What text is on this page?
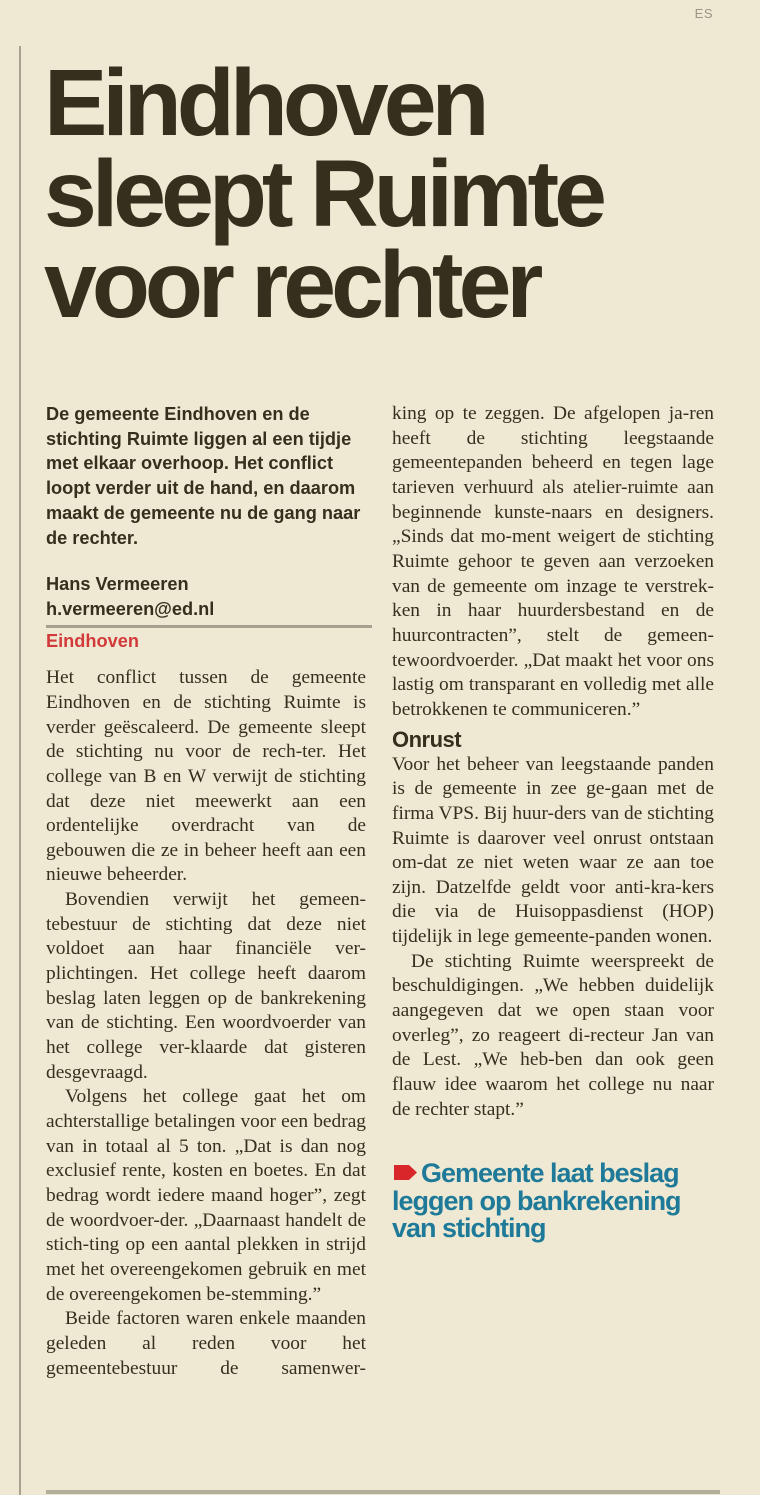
ES
Eindhoven
sleept Ruimte
voor rechter

De gemeente Eindhoven en de stichting Ruimte liggen al een tijdje met elkaar overhoop. Het conflict loopt verder uit de hand, en daarom maakt de gemeente nu de gang naar de rechter.

Hans Vermeeren
h.vermeeren@ed.nl
Eindhoven

Het conflict tussen de gemeente Eindhoven en de stichting Ruimte is verder geëscaleerd. De gemeente sleept de stichting nu voor de rech-ter. Het college van B en W verwijt de stichting dat deze niet meewerkt aan een ordentelijke overdracht van de gebouwen die ze in beheer heeft aan een nieuwe beheerder.

Bovendien verwijt het gemeen-tebestuur de stichting dat deze niet voldoet aan haar financiële ver-plichtingen. Het college heeft daarom beslag laten leggen op de bankrekening van de stichting. Een woordvoerder van het college ver-klaarde dat gisteren desgevraagd.

Volgens het college gaat het om achterstallige betalingen voor een bedrag van in totaal al 5 ton. „Dat is dan nog exclusief rente, kosten en boetes. En dat bedrag wordt iedere maand hoger”, zegt de woordvoer-der. „Daarnaast handelt de stich-ting op een aantal plekken in strijd met het overeengekomen gebruik en met de overeengekomen be-stemming.”

Beide factoren waren enkele maanden geleden al reden voor het gemeentebestuur de samenwer-

king op te zeggen. De afgelopen ja-ren heeft de stichting leegstaande gemeentepanden beheerd en tegen lage tarieven verhuurd als atelier-ruimte aan beginnende kunste-naars en designers. „Sinds dat mo-ment weigert de stichting Ruimte gehoor te geven aan verzoeken van de gemeente om inzage te verstrek-ken in haar huurdersbestand en de huurcontracten”, stelt de gemeen-tewoordvoerder. „Dat maakt het voor ons lastig om transparant en volledig met alle betrokkenen te communiceren.”

Onrust

Voor het beheer van leegstaande panden is de gemeente in zee ge-gaan met de firma VPS. Bij huur-ders van de stichting Ruimte is daarover veel onrust ontstaan om-dat ze niet weten waar ze aan toe zijn. Datzelfde geldt voor anti-kra-kers die via de Huisoppasdienst (HOP) tijdelijk in lege gemeente-panden wonen.

De stichting Ruimte weerspreekt de beschuldigingen. „We hebben duidelijk aangegeven dat we open staan voor overleg”, zo reageert di-recteur Jan van de Lest. „We heb-ben dan ook geen flauw idee waarom het college nu naar de rechter stapt.”

Gemeente laat beslag leggen op bankrekening van stichting
